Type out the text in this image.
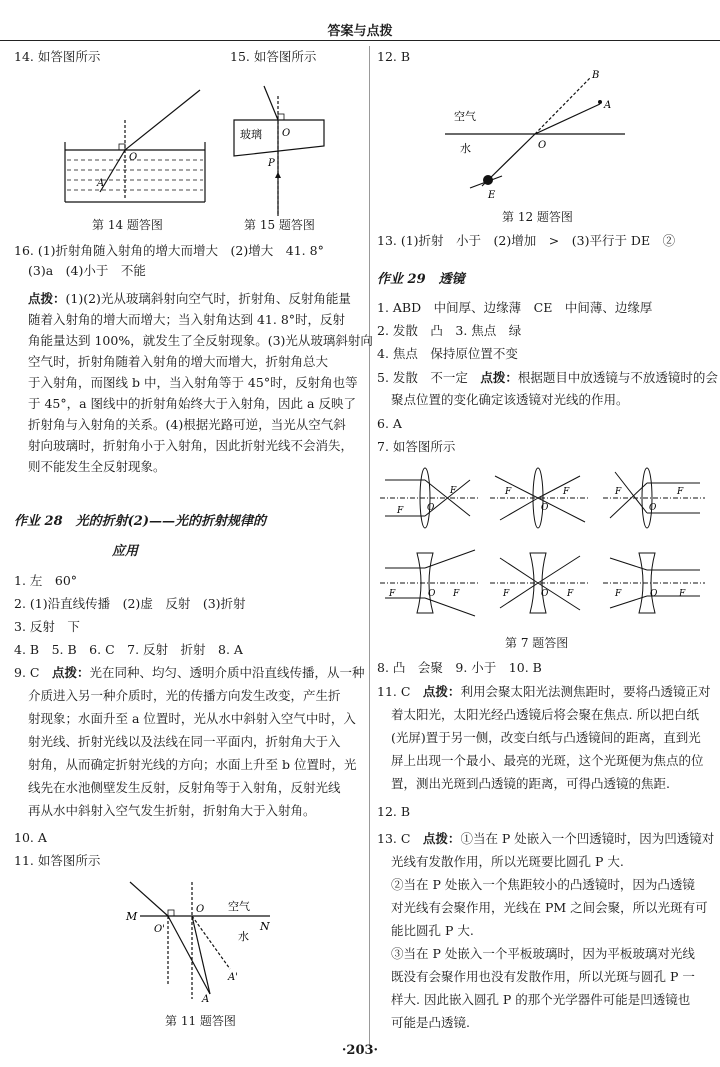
答案与点拨
14. 如答图所示	15. 如答图所示
O
A
第 14 题答图
玻璃 O
P
第 15 题答图
16. (1)折射角随入射角的增大而增大　(2)增大　41. 8°
(3)a　(4)小于　不能
点拨：(1)(2)光从玻璃斜射向空气时，折射角、反射角能量
随着入射角的增大而增大；当入射角达到 41. 8°时，反射
角能量达到 100%，就发生了全反射现象。(3)光从玻璃斜射向
空气时，折射角随着入射角的增大而增大，折射角总大
于入射角，而图线 b 中，当入射角等于 45°时，反射角也等
于 45°，a 图线中的折射角始终大于入射角，因此 a 反映了
折射角与入射角的关系。(4)根据光路可逆，当光从空气斜
射向玻璃时，折射角小于入射角，因此折射光线不会消失，
则不能发生全反射现象。
作业 28　光的折射(2)——光的折射规律的
应用
1. 左　60°
2. (1)沿直线传播　(2)虚　反射　(3)折射
3. 反射　下
4. B　5. B　6. C　7. 反射　折射　8. A
9. C　点拨：光在同种、均匀、透明介质中沿直线传播，从一种
介质进入另一种介质时，光的传播方向发生改变，产生折
射现象；水面升至 a 位置时，光从水中斜射入空气中时，入
射光线、折射光线以及法线在同一平面内，折射角大于入
射角，从而确定折射光线的方向；水面上升至 b 位置时，光
线先在水池侧壁发生反射，反射角等于入射角，反射光线
再从水中斜射入空气发生折射，折射角大于入射角。
10. A
11. 如答图所示
M
N
O
O'
空气
水
A
A'
第 11 题答图
12. B
空气
水	O
A
B
E
第 12 题答图
13. (1)折射　小于　(2)增加　>　(3)平行于 DE　②
作业 29　透镜
1. ABD　中间厚、边缘薄　CE　中间薄、边缘厚
2. 发散　凸　3. 焦点　绿
4. 焦点　保持原位置不变
5. 发散　不一定　点拨：根据题目中放透镜与不放透镜时的会
聚点位置的变化确定该透镜对光线的作用。
6. A
7. 如答图所示
F
F
O
F	F
O
F	F
O
F	F
O	F	F
O	F	F
O
第 7 题答图
8. 凸　会聚　9. 小于　10. B
11. C　点拨：利用会聚太阳光法测焦距时，要将凸透镜正对
着太阳光，太阳光经凸透镜后将会聚在焦点. 所以把白纸
(光屏)置于另一侧，改变白纸与凸透镜间的距离，直到光
屏上出现一个最小、最亮的光斑，这个光斑便为焦点的位
置，测出光斑到凸透镜的距离，可得凸透镜的焦距.
12. B
13. C　点拨：①当在 P 处嵌入一个凹透镜时，因为凹透镜对
光线有发散作用，所以光斑要比圆孔 P 大.
②当在 P 处嵌入一个焦距较小的凸透镜时，因为凸透镜
对光线有会聚作用，光线在 PM 之间会聚，所以光斑有可
能比圆孔 P 大.
③当在 P 处嵌入一个平板玻璃时，因为平板玻璃对光线
既没有会聚作用也没有发散作用，所以光斑与圆孔 P 一
样大. 因此嵌入圆孔 P 的那个光学器件可能是凹透镜也
可能是凸透镜.
·203·
